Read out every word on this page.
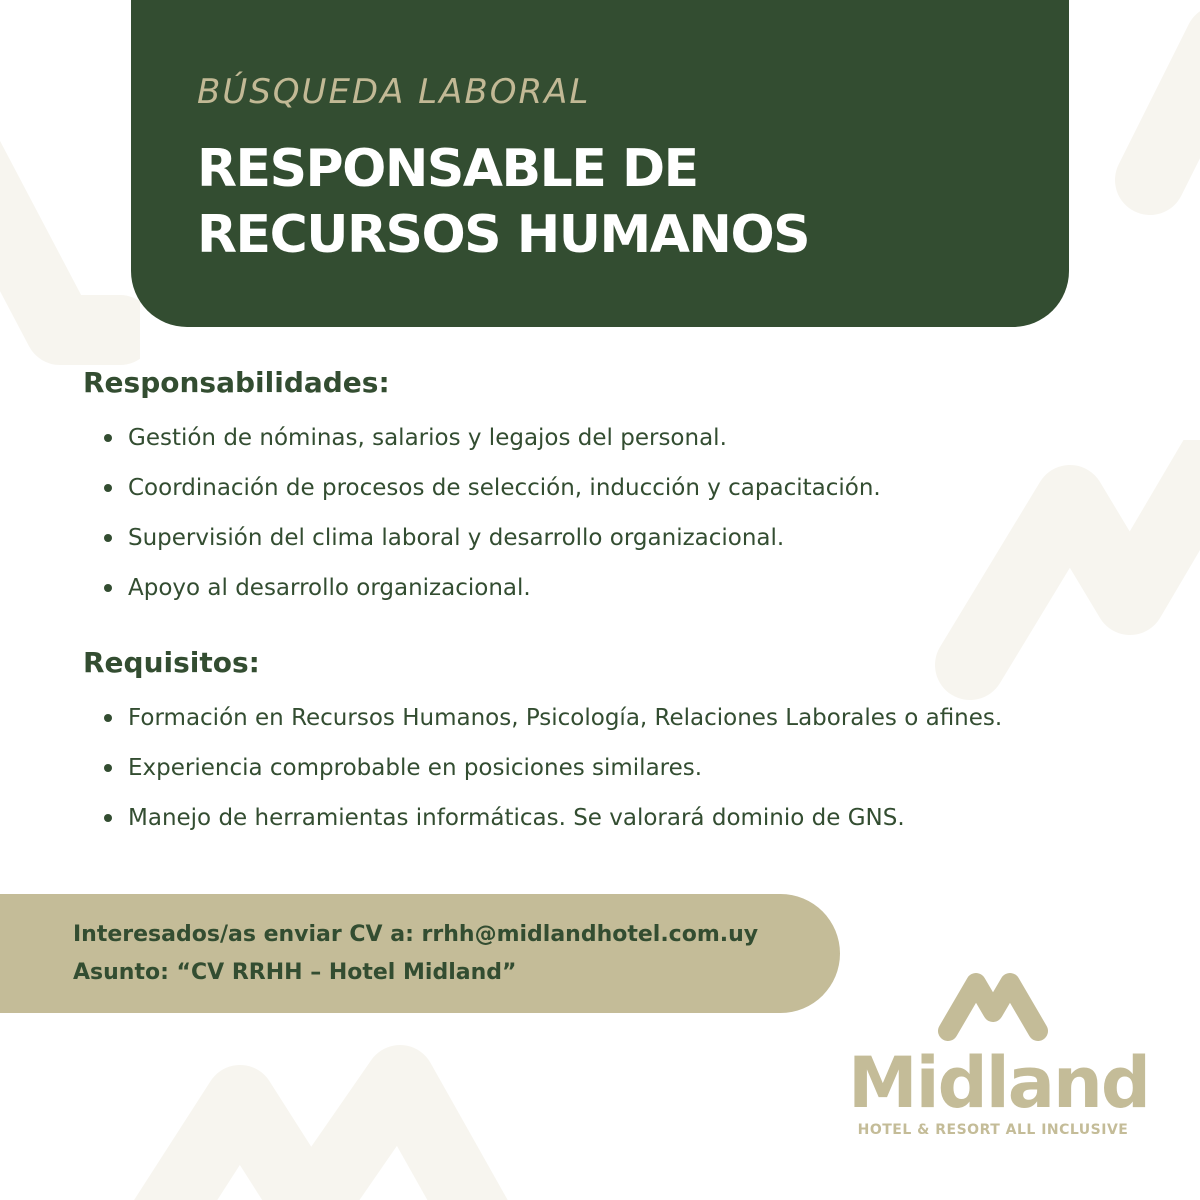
BÚSQUEDA LABORAL
RESPONSABLE DE
RECURSOS HUMANOS
Responsabilidades:
Gestión de nóminas, salarios y legajos del personal.
Coordinación de procesos de selección, inducción y capacitación.
Supervisión del clima laboral y desarrollo organizacional.
Apoyo al desarrollo organizacional.
Requisitos:
Formación en Recursos Humanos, Psicología, Relaciones Laborales o afines.
Experiencia comprobable en posiciones similares.
Manejo de herramientas informáticas. Se valorará dominio de GNS.
Interesados/as enviar CV a: rrhh@midlandhotel.com.uy
Asunto: “CV RRHH – Hotel Midland”
Midland
HOTEL & RESORT ALL INCLUSIVE
